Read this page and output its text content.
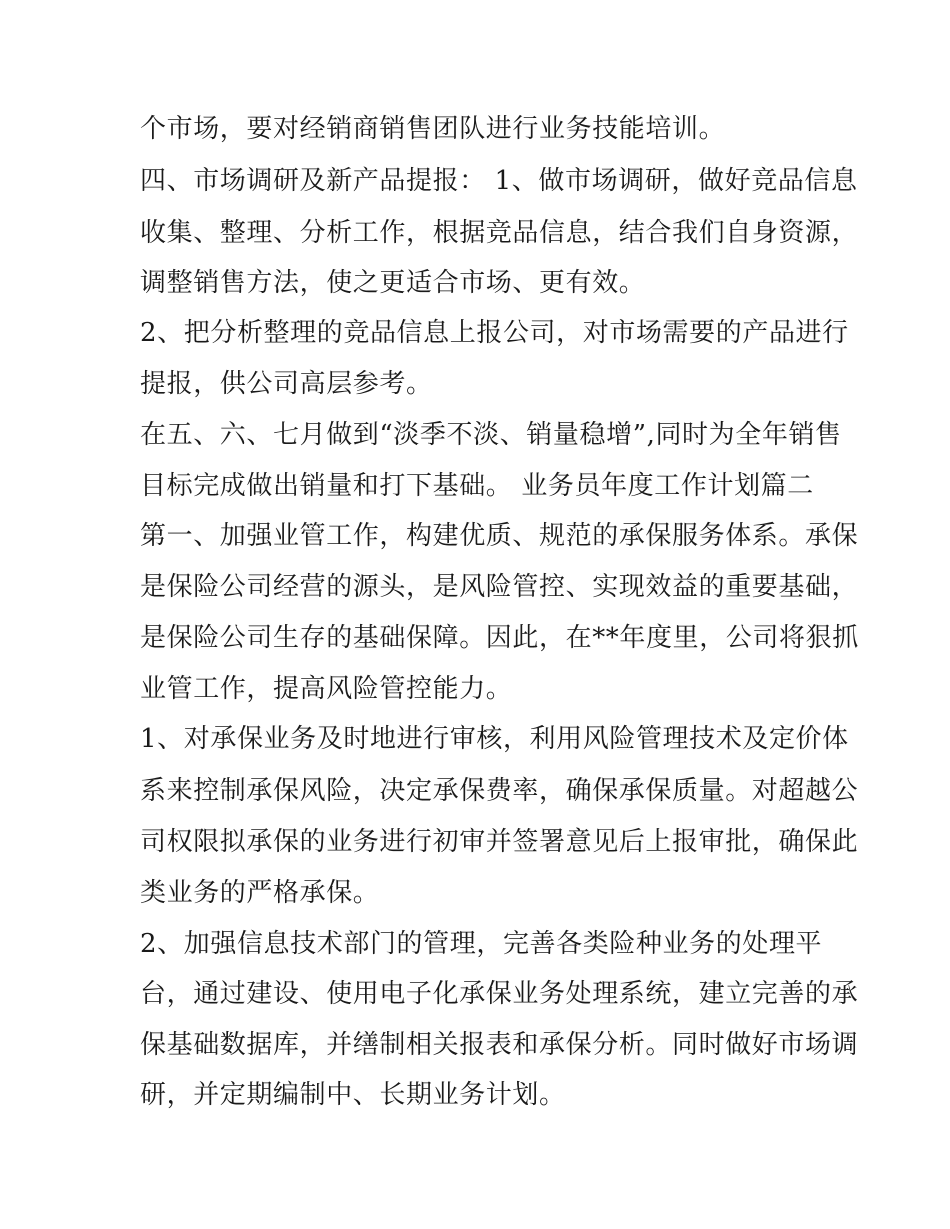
个市场，要对经销商销售团队进行业务技能培训。
四、市场调研及新产品提报： 1、做市场调研，做好竞品信息
收集、整理、分析工作，根据竞品信息，结合我们自身资源，
调整销售方法，使之更适合市场、更有效。
2、把分析整理的竞品信息上报公司，对市场需要的产品进行
提报，供公司高层参考。
在五、六、七月做到“淡季不淡、销量稳增”,同时为全年销售
目标完成做出销量和打下基础。 业务员年度工作计划篇二
第一、加强业管工作，构建优质、规范的承保服务体系。承保
是保险公司经营的源头，是风险管控、实现效益的重要基础，
是保险公司生存的基础保障。因此，在**年度里，公司将狠抓
业管工作，提高风险管控能力。
1、对承保业务及时地进行审核，利用风险管理技术及定价体
系来控制承保风险，决定承保费率，确保承保质量。对超越公
司权限拟承保的业务进行初审并签署意见后上报审批，确保此
类业务的严格承保。
2、加强信息技术部门的管理，完善各类险种业务的处理平
台，通过建设、使用电子化承保业务处理系统，建立完善的承
保基础数据库，并缮制相关报表和承保分析。同时做好市场调
研，并定期编制中、长期业务计划。
